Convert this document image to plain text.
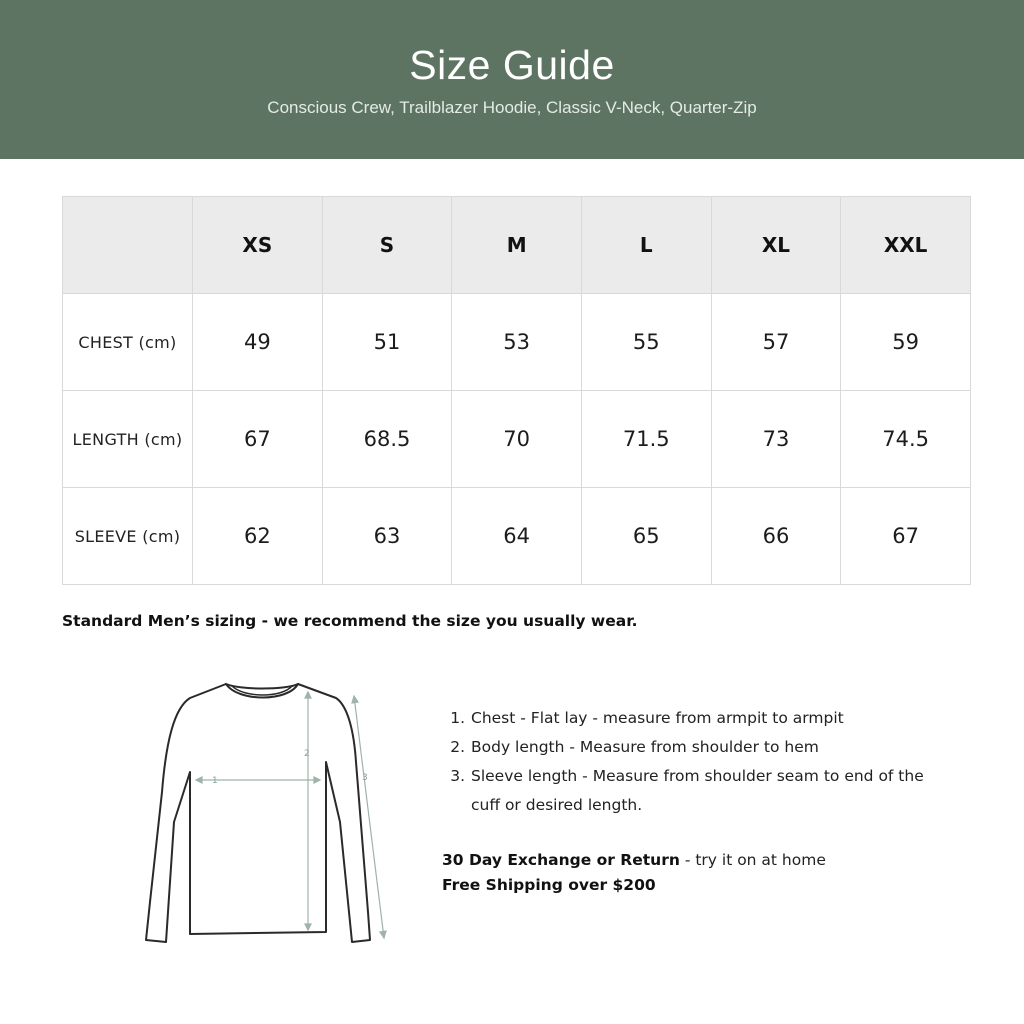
Size Guide
Conscious Crew, Trailblazer Hoodie, Classic V-Neck, Quarter-Zip
	XS	S	M	L	XL	XXL
CHEST (cm)	49	51	53	55	57	59
LENGTH (cm)	67	68.5	70	71.5	73	74.5
SLEEVE (cm)	62	63	64	65	66	67
Standard Men’s sizing - we recommend the size you usually wear.
1
2
3
1. Chest - Flat lay - measure from armpit to armpit
2. Body length - Measure from shoulder to hem
3. Sleeve length - Measure from shoulder seam to end of the cuff or desired length.
30 Day Exchange or Return - try it on at home
Free Shipping over $200
